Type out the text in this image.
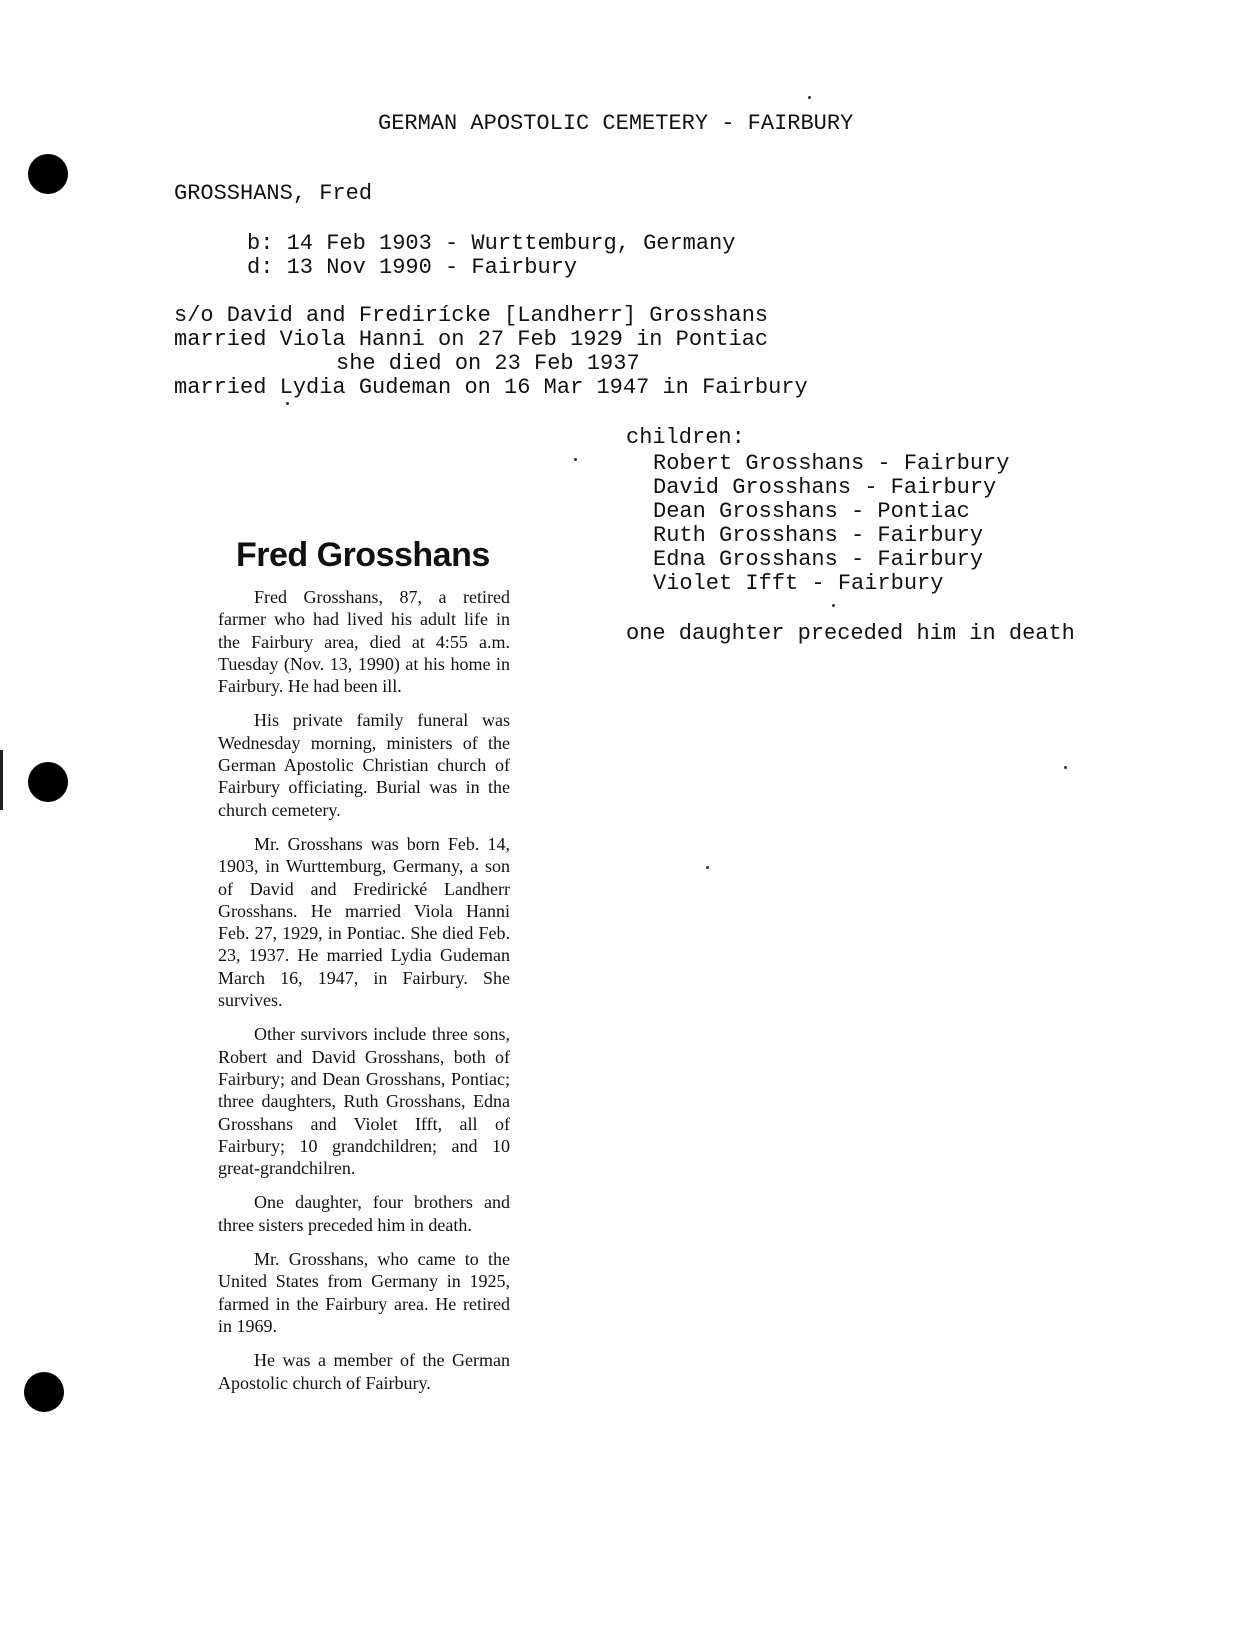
GERMAN APOSTOLIC CEMETERY - FAIRBURY
GROSSHANS, Fred
b: 14 Feb 1903 - Wurttemburg, Germany
d: 13 Nov 1990 - Fairbury
s/o David and Fredirícke [Landherr] Grosshans
married Viola Hanni on 27 Feb 1929 in Pontiac
she died on 23 Feb 1937
married Lydia Gudeman on 16 Mar 1947 in Fairbury
children:
Robert Grosshans - Fairbury
David Grosshans - Fairbury
Dean Grosshans - Pontiac
Ruth Grosshans - Fairbury
Edna Grosshans - Fairbury
Violet Ifft - Fairbury
one daughter preceded him in death
Fred Grosshans

Fred Grosshans, 87, a retired farmer who had lived his adult life in the Fairbury area, died at 4:55 a.m. Tuesday (Nov. 13, 1990) at his home in Fairbury. He had been ill.

His private family funeral was Wednesday morning, ministers of the German Apostolic Christian church of Fairbury officiating. Burial was in the church cemetery.

Mr. Grosshans was born Feb. 14, 1903, in Wurttemburg, Germany, a son of David and Fredirické Landherr Grosshans. He married Viola Hanni Feb. 27, 1929, in Pontiac. She died Feb. 23, 1937. He married Lydia Gudeman March 16, 1947, in Fairbury. She survives.

Other survivors include three sons, Robert and David Grosshans, both of Fairbury; and Dean Grosshans, Pontiac; three daughters, Ruth Grosshans, Edna Grosshans and Violet Ifft, all of Fairbury; 10 grandchildren; and 10 great-grandchilren.

One daughter, four brothers and three sisters preceded him in death.

Mr. Grosshans, who came to the United States from Germany in 1925, farmed in the Fairbury area. He retired in 1969.

He was a member of the German Apostolic church of Fairbury.
